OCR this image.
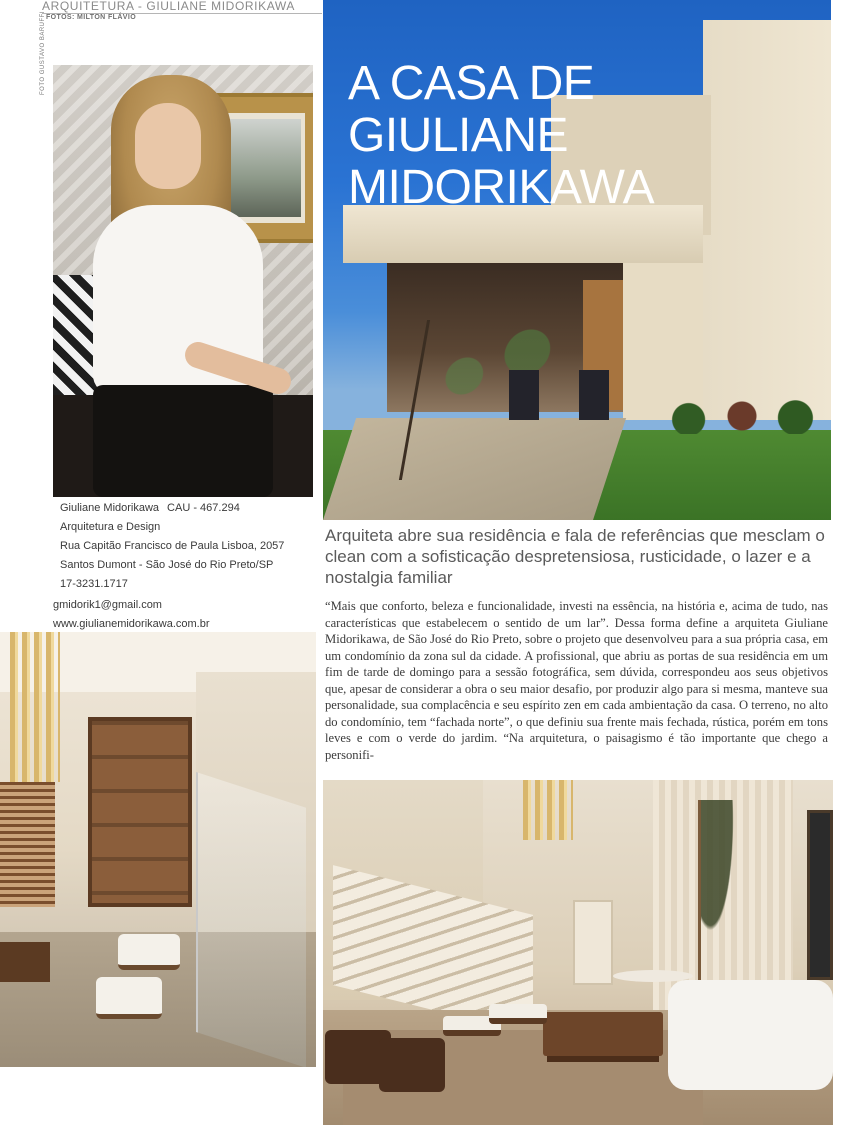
ARQUITETURA - GIULIANE MIDORIKAWA
FOTOS: MILTON FLÁVIO
FOTO GUSTAVO BARUFFI	A CASA DE
GIULIANE
MIDORIKAWA
Giuliane Midorikawa CAU - 467.294
Arquitetura e Design
Rua Capitão Francisco de Paula Lisboa, 2057
Santos Dumont - São José do Rio Preto/SP
17-3231.1717
gmidorik1@gmail.com
www.giulianemidorikawa.com.br
Arquiteta abre sua residência e fala de referências que mesclam o clean com a sofisticação despretensiosa, rusticidade, o lazer e a nostalgia familiar
“Mais que conforto, beleza e funcionalidade, investi na essência, na história e, acima de tudo, nas características que estabelecem o sentido de um lar”. Dessa forma define a arquiteta Giuliane Midorikawa, de São José do Rio Preto, sobre o projeto que desenvolveu para a sua própria casa, em um condomínio da zona sul da cidade. A profissional, que abriu as portas de sua residência em um fim de tarde de domingo para a sessão fotográfica, sem dúvida, correspondeu aos seus objetivos que, apesar de considerar a obra o seu maior desafio, por produzir algo para si mesma, manteve sua personalidade, sua complacência e seu espírito zen em cada ambientação da casa. O terreno, no alto do condomínio, tem “fachada norte”, o que definiu sua frente mais fechada, rústica, porém em tons leves e com o verde do jardim. “Na arquitetura, o paisagismo é tão importante que chego a personifi-
